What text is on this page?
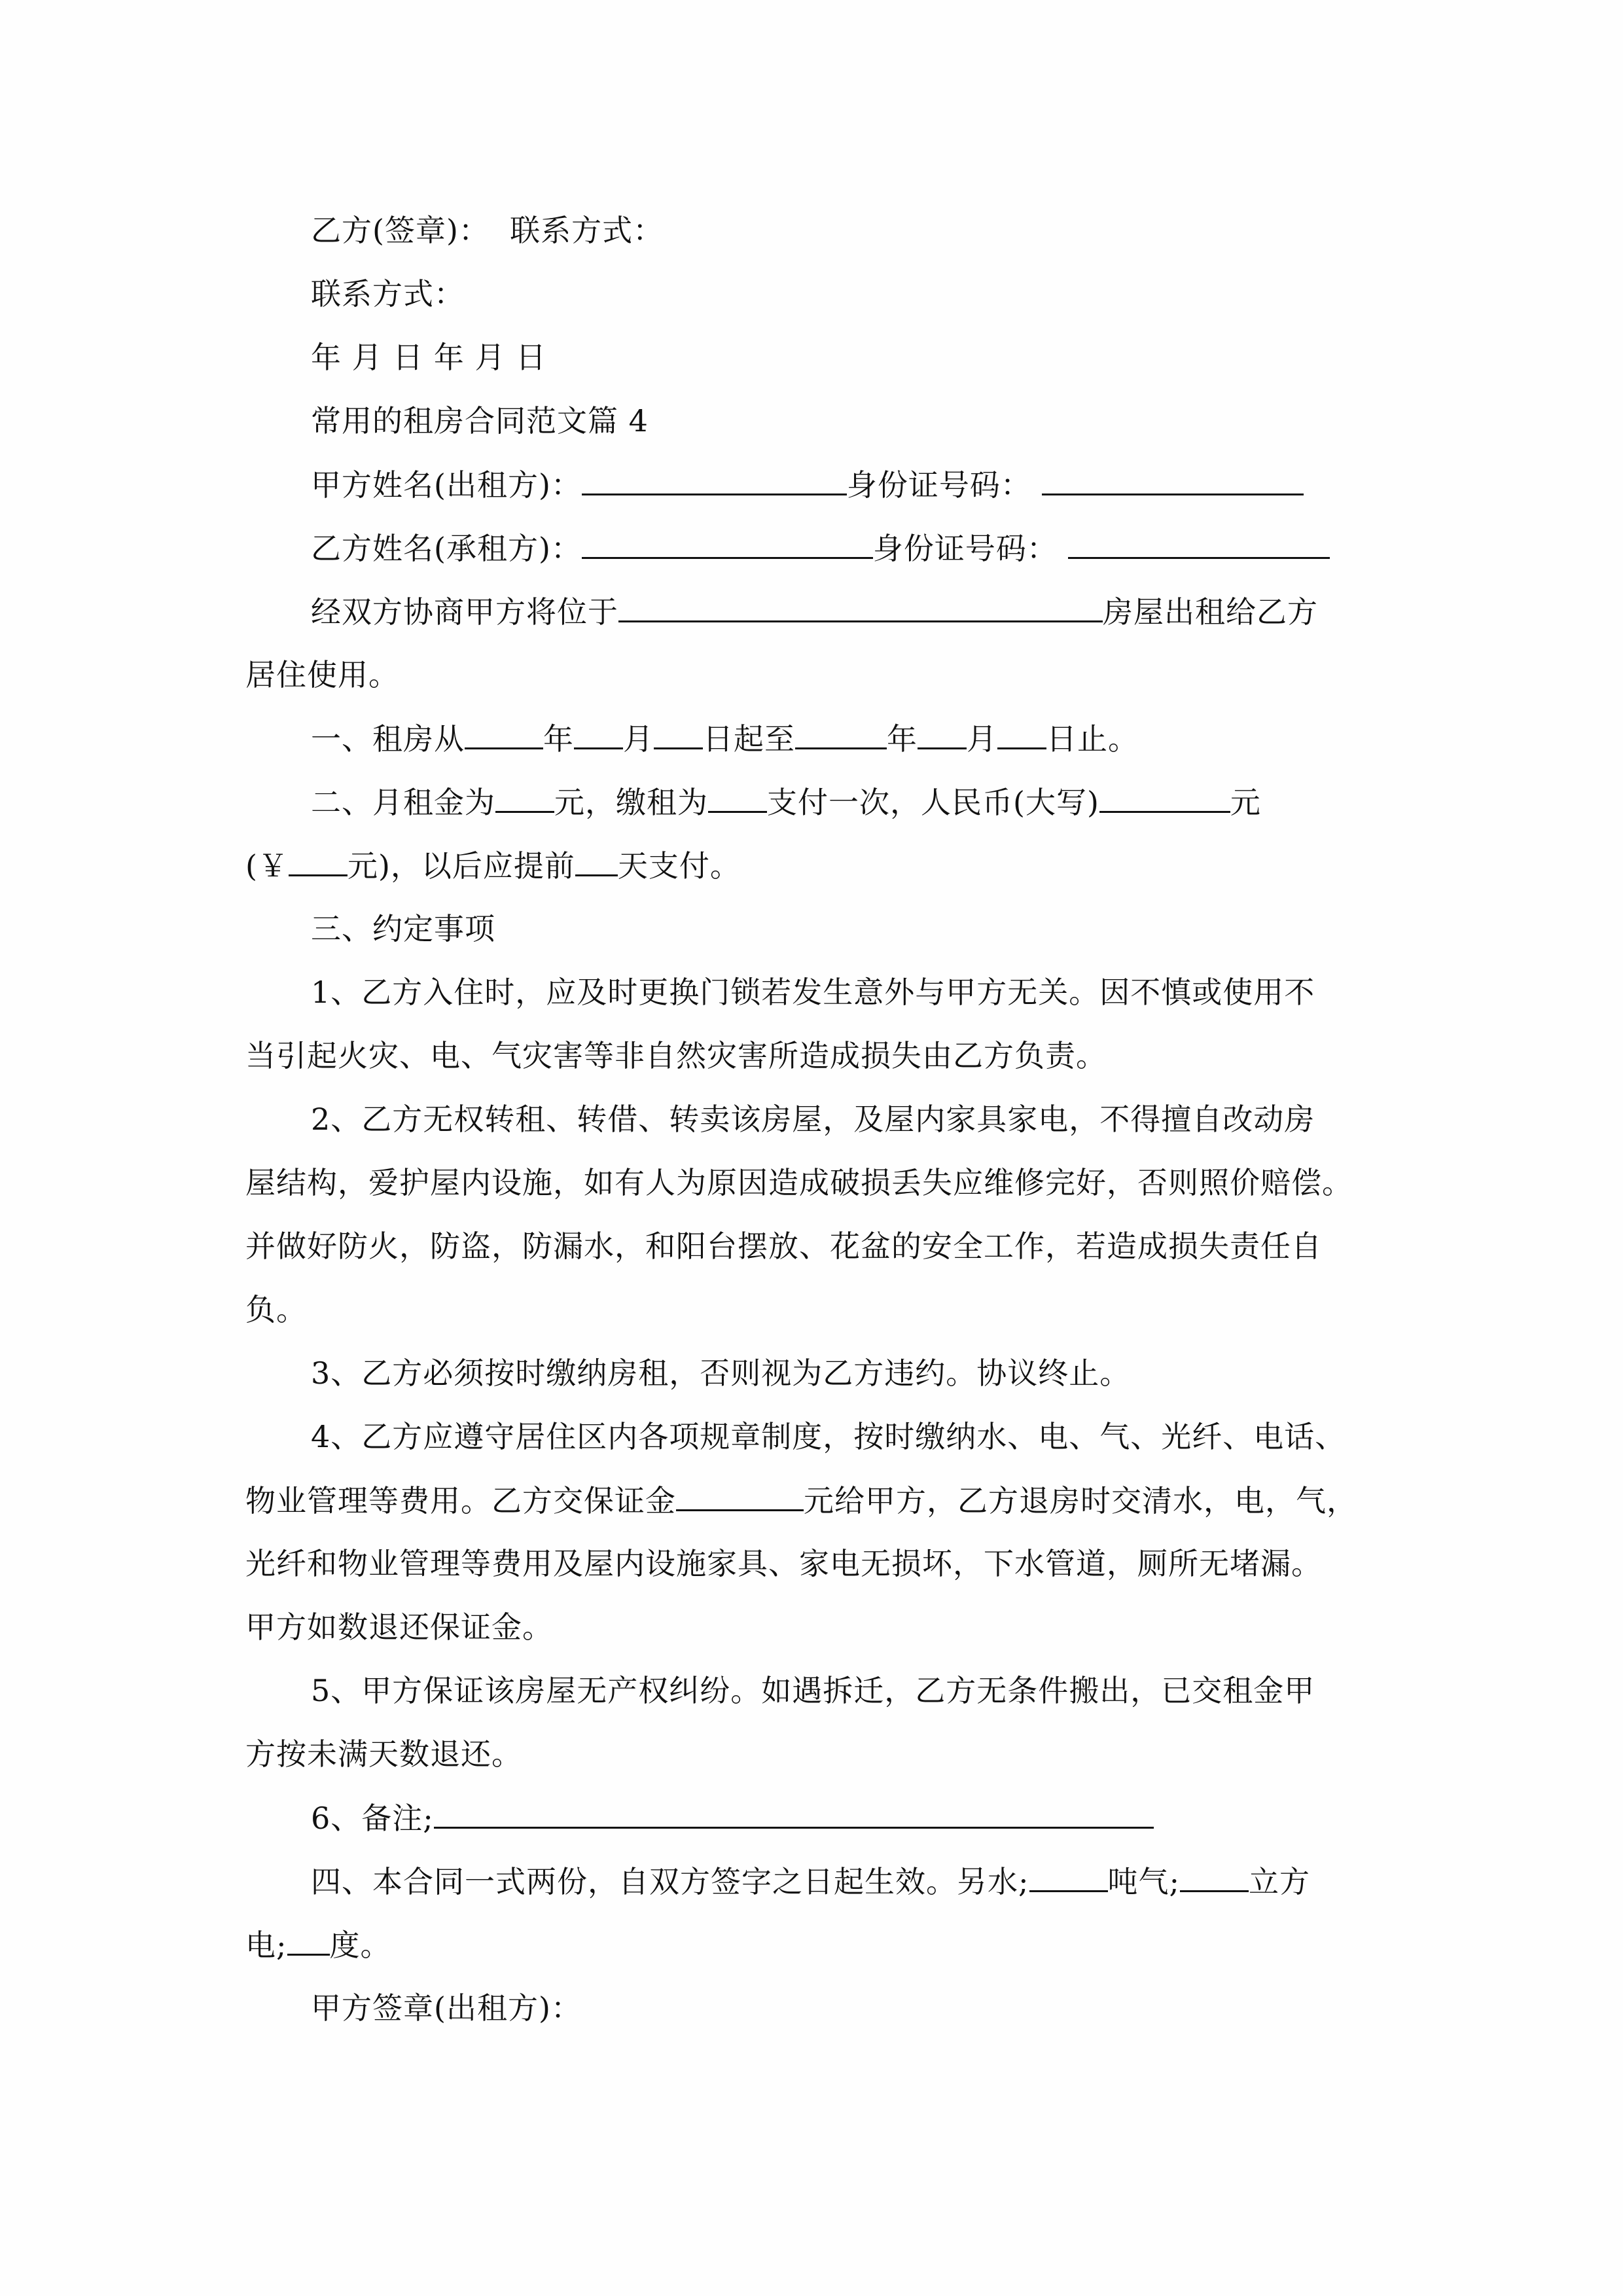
乙方(签章)： 联系方式：
联系方式：
年 月 日 年 月 日
常用的租房合同范文篇 4
甲方姓名(出租方)：	身份证号码：
乙方姓名(承租方)：	身份证号码：
经双方协商甲方将位于	房屋出租给乙方
居住使用。
一、租房从	年 月 日起至	年 月 日止。
二、月租金为 元，缴租为 支付一次，人民币(大写)	元
(￥ 元)，以后应提前 天支付。
三、约定事项
1、乙方入住时，应及时更换门锁若发生意外与甲方无关。因不慎或使用不
当引起火灾、电、气灾害等非自然灾害所造成损失由乙方负责。
2、乙方无权转租、转借、转卖该房屋，及屋内家具家电，不得擅自改动房
屋结构，爱护屋内设施，如有人为原因造成破损丢失应维修完好，否则照价赔偿。
并做好防火，防盗，防漏水，和阳台摆放、花盆的安全工作，若造成损失责任自
负。
3、乙方必须按时缴纳房租，否则视为乙方违约。协议终止。
4、乙方应遵守居住区内各项规章制度，按时缴纳水、电、气、光纤、电话、
物业管理等费用。乙方交保证金	元给甲方，乙方退房时交清水，电，气，
光纤和物业管理等费用及屋内设施家具、家电无损坏，下水管道，厕所无堵漏。
甲方如数退还保证金。
5、甲方保证该房屋无产权纠纷。如遇拆迁，乙方无条件搬出，已交租金甲
方按未满天数退还。
6、备注;
四、本合同一式两份，自双方签字之日起生效。另水;	吨气; 立方
电; 度。
甲方签章(出租方)：
